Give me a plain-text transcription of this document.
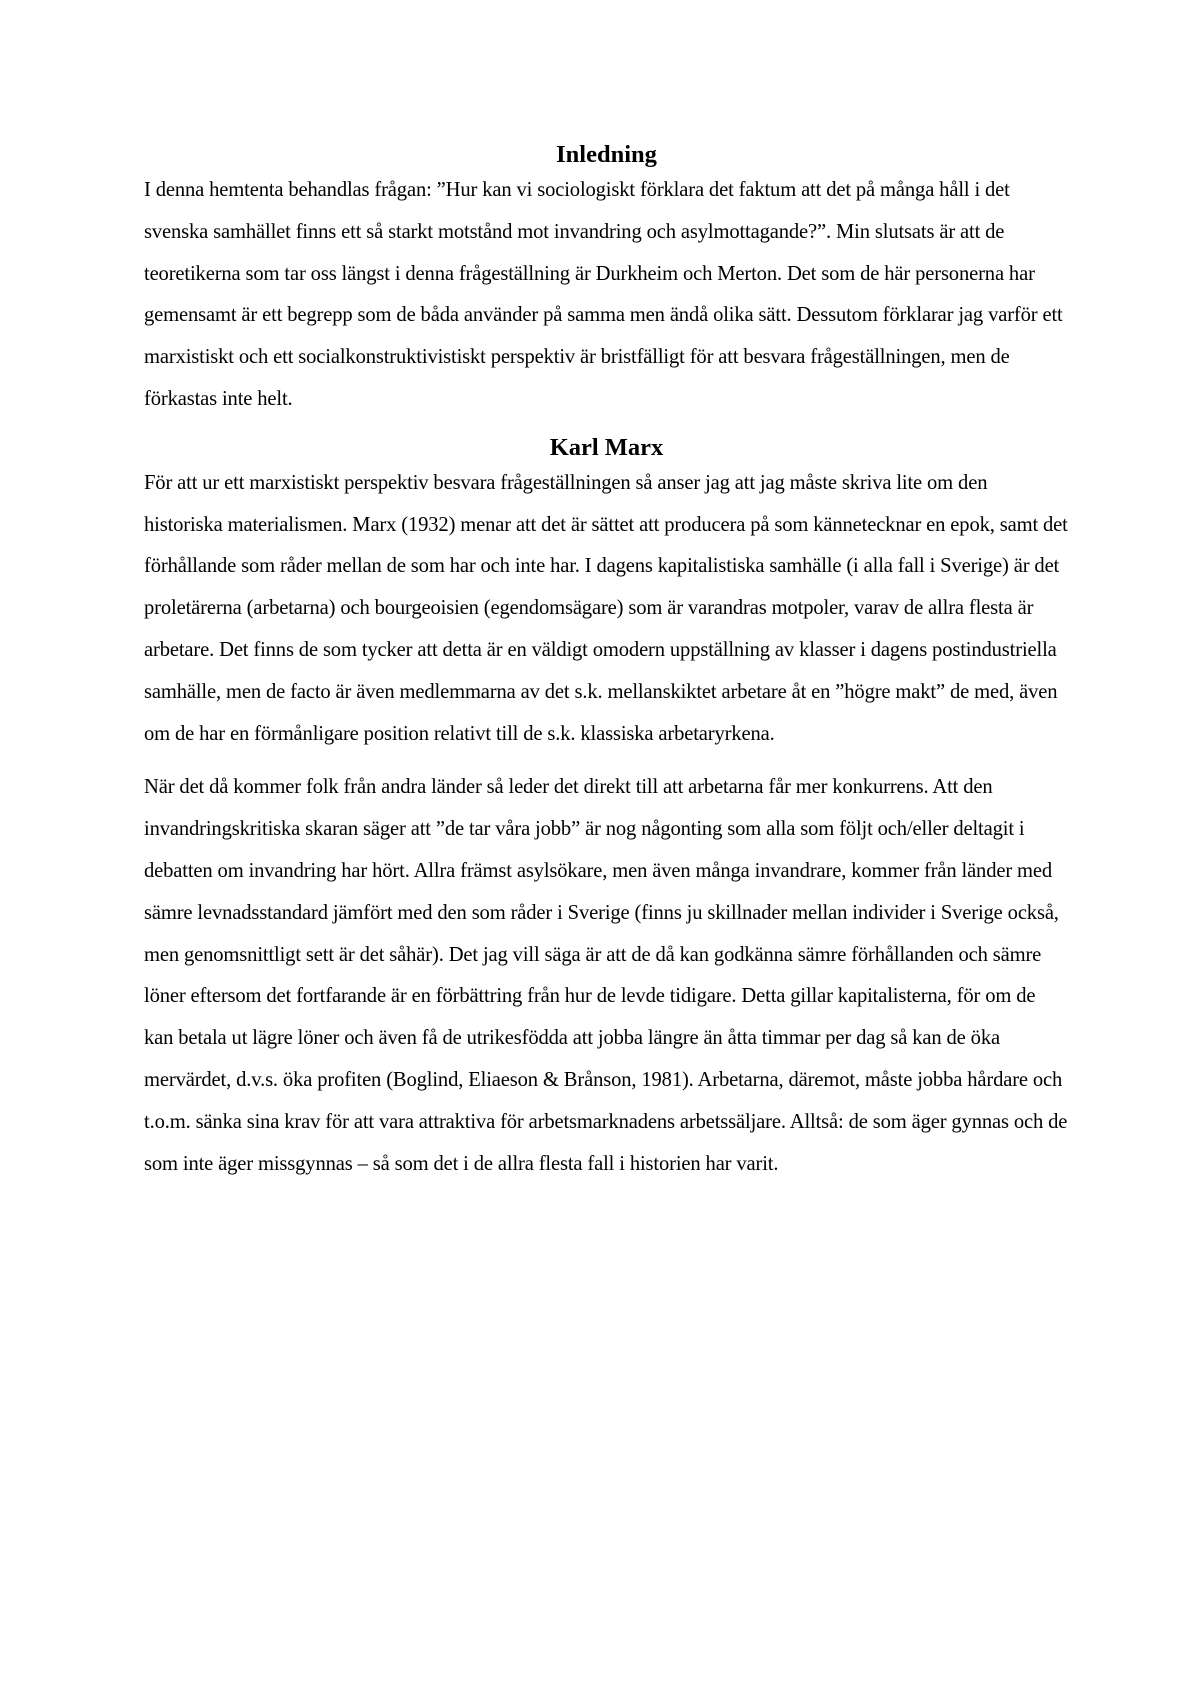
Inledning

I denna hemtenta behandlas frågan: ”Hur kan vi sociologiskt förklara det faktum att det på många håll i det svenska samhället finns ett så starkt motstånd mot invandring och asylmottagande?”. Min slutsats är att de teoretikerna som tar oss längst i denna frågeställning är Durkheim och Merton. Det som de här personerna har gemensamt är ett begrepp som de båda använder på samma men ändå olika sätt. Dessutom förklarar jag varför ett marxistiskt och ett socialkonstruktivistiskt perspektiv är bristfälligt för att besvara frågeställningen, men de förkastas inte helt.

Karl Marx

För att ur ett marxistiskt perspektiv besvara frågeställningen så anser jag att jag måste skriva lite om den historiska materialismen. Marx (1932) menar att det är sättet att producera på som kännetecknar en epok, samt det förhållande som råder mellan de som har och inte har. I dagens kapitalistiska samhälle (i alla fall i Sverige) är det proletärerna (arbetarna) och bourgeoisien (egendomsägare) som är varandras motpoler, varav de allra flesta är arbetare. Det finns de som tycker att detta är en väldigt omodern uppställning av klasser i dagens postindustriella samhälle, men de facto är även medlemmarna av det s.k. mellanskiktet arbetare åt en ”högre makt” de med, även om de har en förmånligare position relativt till de s.k. klassiska arbetaryrkena.

När det då kommer folk från andra länder så leder det direkt till att arbetarna får mer konkurrens. Att den invandringskritiska skaran säger att ”de tar våra jobb” är nog någonting som alla som följt och/eller deltagit i debatten om invandring har hört. Allra främst asylsökare, men även många invandrare, kommer från länder med sämre levnadsstandard jämfört med den som råder i Sverige (finns ju skillnader mellan individer i Sverige också, men genomsnittligt sett är det såhär). Det jag vill säga är att de då kan godkänna sämre förhållanden och sämre löner eftersom det fortfarande är en förbättring från hur de levde tidigare. Detta gillar kapitalisterna, för om de kan betala ut lägre löner och även få de utrikesfödda att jobba längre än åtta timmar per dag så kan de öka mervärdet, d.v.s. öka profiten (Boglind, Eliaeson & Brånson, 1981). Arbetarna, däremot, måste jobba hårdare och t.o.m. sänka sina krav för att vara attraktiva för arbetsmarknadens arbetssäljare. Alltså: de som äger gynnas och de som inte äger missgynnas – så som det i de allra flesta fall i historien har varit.
